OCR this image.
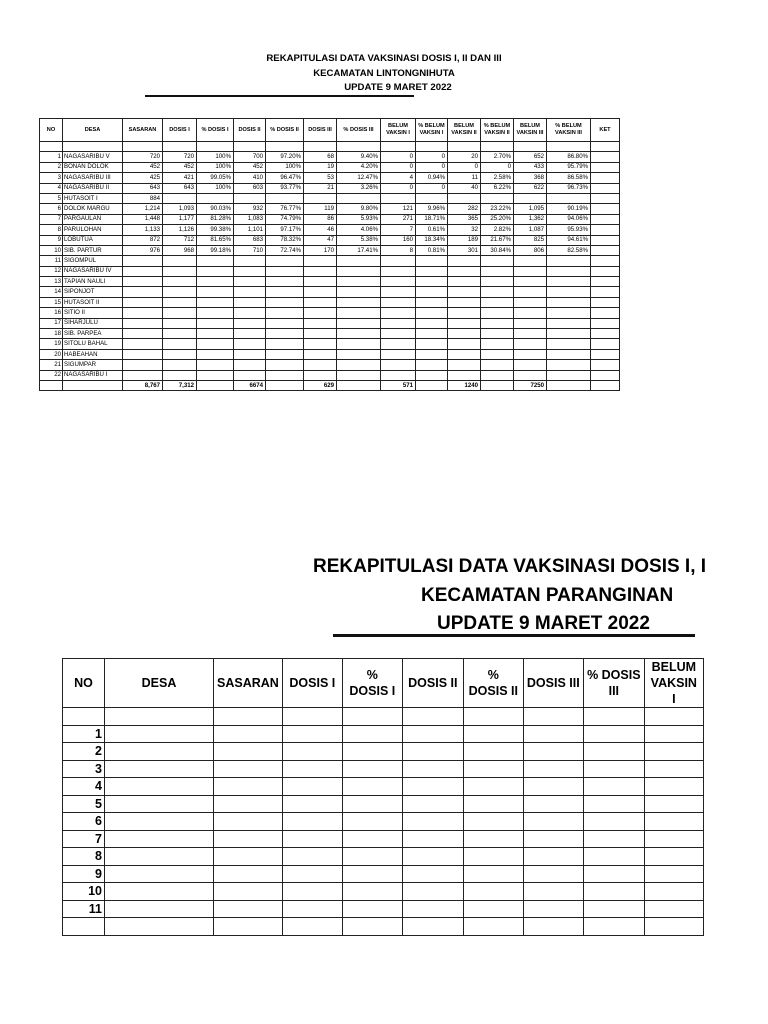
REKAPITULASI DATA VAKSINASI DOSIS I, II DAN III
KECAMATAN LINTONGNIHUTA
UPDATE 9 MARET 2022
NO	DESA	SASARAN	DOSIS I	% DOSIS I	DOSIS II	% DOSIS II	DOSIS III	% DOSIS III	BELUM VAKSIN I	% BELUM VAKSIN I	BELUM VAKSIN II	% BELUM VAKSIN II	BELUM VAKSIN III	% BELUM VAKSIN III	KET

1	NAGASARIBU V	720	720	100%	700	97.20%	68	9.40%	0	0	20	2.70%	652	86.80%	
2	BONAN DOLOK	452	452	100%	452	100%	19	4.20%	0	0	0	0	433	95.79%	
3	NAGASARIBU III	425	421	99.05%	410	96.47%	53	12.47%	4	0.94%	11	2.58%	368	86.58%	
4	NAGASARIBU II	643	643	100%	603	93.77%	21	3.26%	0	0	40	6.22%	622	96.73%	
5	HUTASOIT I	884													
6	DOLOK MARGU	1,214	1,093	90.03%	932	76.77%	119	9.80%	121	9.96%	282	23.22%	1,095	90.19%	
7	PARGAULAN	1,448	1,177	81.28%	1,083	74.79%	86	5.93%	271	18.71%	365	25.20%	1,362	94.06%	
8	PARULOHAN	1,133	1,126	99.38%	1,101	97.17%	46	4.06%	7	0.61%	32	2.82%	1,087	95.93%	
9	LOBUTUA	872	712	81.65%	683	78.32%	47	5.38%	160	18.34%	189	21.67%	825	94.61%	
10	SIB. PARTUR	976	968	99.18%	710	72.74%	170	17.41%	8	0.81%	301	30.84%	806	82.58%	
11	SIGOMPUL														
12	NAGASARIBU IV														
13	TAPIAN NAULI														
14	SIPONJOT														
15	HUTASOIT II														
16	SITIO II														
17	SIHARJULU														
18	SIB. PARPEA														
19	SITOLU BAHAL														
20	HABEAHAN														
21	SIGUMPAR														
22	NAGASARIBU I														
		8,767	7,312		6674		629		571		1240		7250		
REKAPITULASI DATA VAKSINASI DOSIS I, I
KECAMATAN PARANGINAN
UPDATE 9 MARET 2022
NO	DESA	SASARAN	DOSIS I	% DOSIS I	DOSIS II	% DOSIS II	DOSIS III	% DOSIS III	BELUM VAKSIN I

1									
2									
3									
4									
5									
6									
7									
8									
9									
10									
11									
